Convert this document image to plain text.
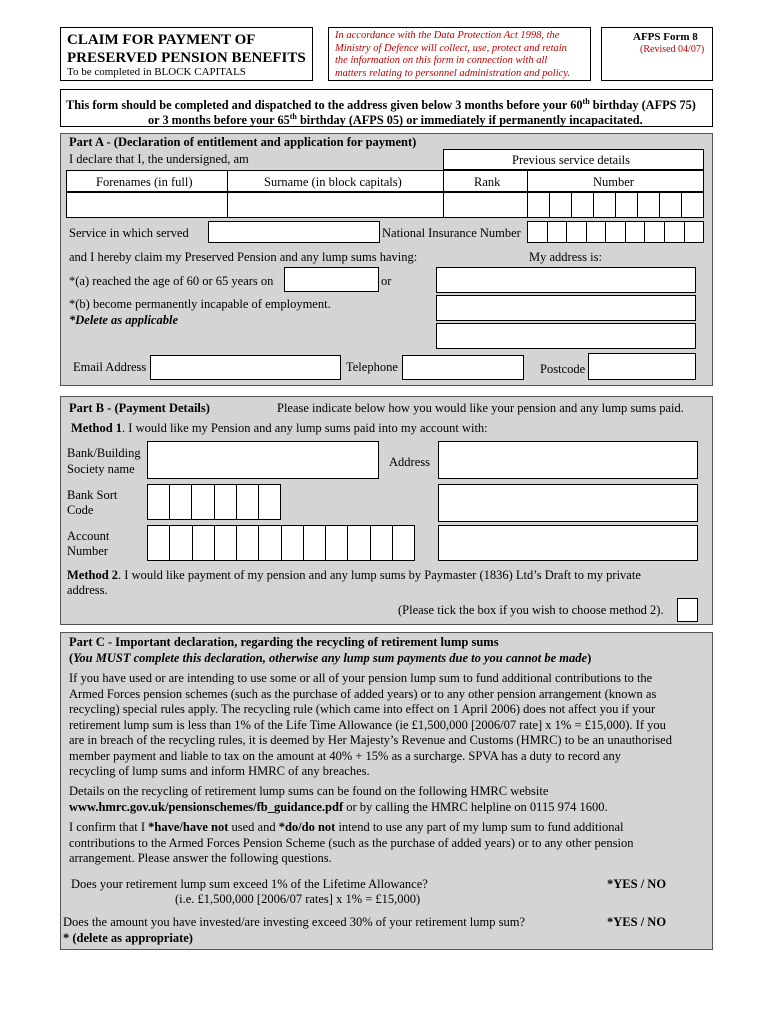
CLAIM FOR PAYMENT OF
PRESERVED PENSION BENEFITS
To be completed in BLOCK CAPITALS
In accordance with the Data Protection Act 1998, the
Ministry of Defence will collect, use, protect and retain
the information on this form in connection with all
matters relating to personnel administration and policy.
AFPS Form 8
(Revised 04/07)
This form should be completed and dispatched to the address given below 3 months before your 60th birthday (AFPS 75)
or 3 months before your 65th birthday (AFPS 05) or immediately if permanently incapacitated.
Part A - (Declaration of entitlement and application for payment)
I declare that I, the undersigned, am	Previous service details
Forenames (in full)	Surname (in block capitals)	Rank	Number
Service in which served	National Insurance Number
and I hereby claim my Preserved Pension and any lump sums having:	My address is:
*(a) reached the age of 60 or 65 years on	or
*(b) become permanently incapable of employment.
*Delete as applicable
Email Address	Telephone	Postcode
Part B - (Payment Details)	Please indicate below how you would like your pension and any lump sums paid.
Method 1. I would like my Pension and any lump sums paid into my account with:
Bank/Building
Society name	Address
Bank Sort
Code
Account
Number
Method 2. I would like payment of my pension and any lump sums by Paymaster (1836) Ltd’s Draft to my private
address.
(Please tick the box if you wish to choose method 2).
Part C - Important declaration, regarding the recycling of retirement lump sums
(You MUST complete this declaration, otherwise any lump sum payments due to you cannot be made)
If you have used or are intending to use some or all of your pension lump sum to fund additional contributions to the
Armed Forces pension schemes (such as the purchase of added years) or to any other pension arrangement (known as
recycling) special rules apply. The recycling rule (which came into effect on 1 April 2006) does not affect you if your
retirement lump sum is less than 1% of the Life Time Allowance (ie £1,500,000 [2006/07 rate] x 1% = £15,000). If you
are in breach of the recycling rules, it is deemed by Her Majesty’s Revenue and Customs (HMRC) to be an unauthorised
member payment and liable to tax on the amount at 40% + 15% as a surcharge. SPVA has a duty to record any
recycling of lump sums and inform HMRC of any breaches.
Details on the recycling of retirement lump sums can be found on the following HMRC website
www.hmrc.gov.uk/pensionschemes/fb_guidance.pdf or by calling the HMRC helpline on 0115 974 1600.
I confirm that I *have/have not used and *do/do not intend to use any part of my lump sum to fund additional
contributions to the Armed Forces Pension Scheme (such as the purchase of added years) or to any other pension
arrangement. Please answer the following questions.
Does your retirement lump sum exceed 1% of the Lifetime Allowance?
(i.e. £1,500,000 [2006/07 rates] x 1% = £15,000)
*YES / NO
Does the amount you have invested/are investing exceed 30% of your retirement lump sum?	*YES / NO
* (delete as appropriate)
